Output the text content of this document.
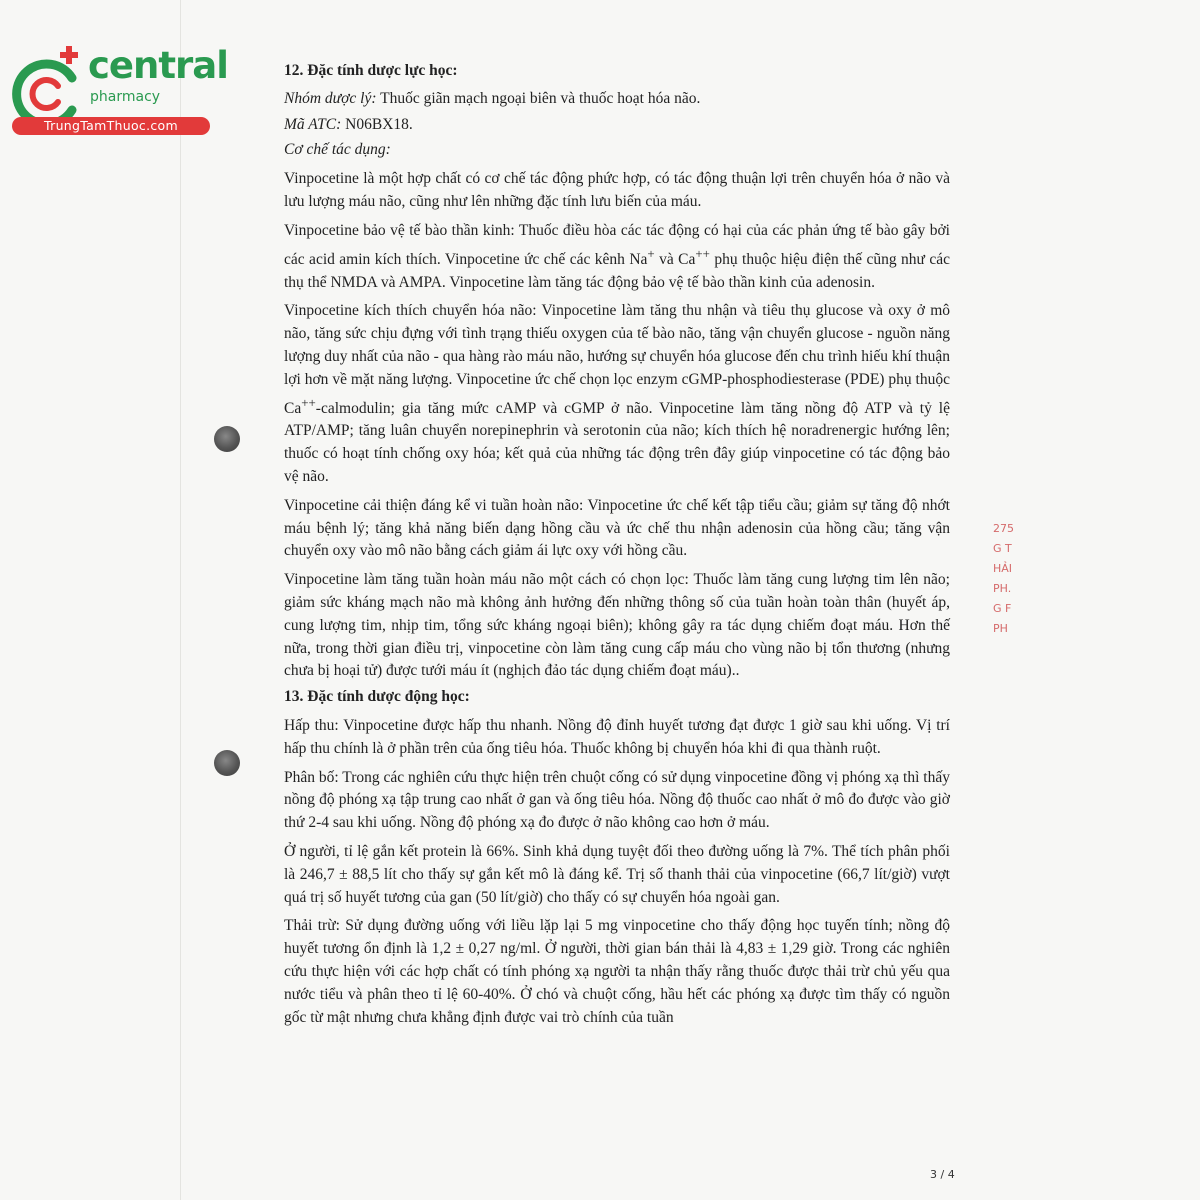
central
pharmacy
TrungTamThuoc.com

12. Đặc tính dược lực học:

Nhóm dược lý: Thuốc giãn mạch ngoại biên và thuốc hoạt hóa não.

Mã ATC: N06BX18.

Cơ chế tác dụng:

Vinpocetine là một hợp chất có cơ chế tác động phức hợp, có tác động thuận lợi trên chuyển hóa ở não và lưu lượng máu não, cũng như lên những đặc tính lưu biến của máu.

Vinpocetine bảo vệ tế bào thần kinh: Thuốc điều hòa các tác động có hại của các phản ứng tế bào gây bởi các acid amin kích thích. Vinpocetine ức chế các kênh Na+ và Ca++ phụ thuộc hiệu điện thế cũng như các thụ thể NMDA và AMPA. Vinpocetine làm tăng tác động bảo vệ tế bào thần kinh của adenosin.

Vinpocetine kích thích chuyển hóa não: Vinpocetine làm tăng thu nhận và tiêu thụ glucose và oxy ở mô não, tăng sức chịu đựng với tình trạng thiếu oxygen của tế bào não, tăng vận chuyển glucose - nguồn năng lượng duy nhất của não - qua hàng rào máu não, hướng sự chuyển hóa glucose đến chu trình hiếu khí thuận lợi hơn về mặt năng lượng. Vinpocetine ức chế chọn lọc enzym cGMP-phosphodiesterase (PDE) phụ thuộc Ca++-calmodulin; gia tăng mức cAMP và cGMP ở não. Vinpocetine làm tăng nồng độ ATP và tỷ lệ ATP/AMP; tăng luân chuyển norepinephrin và serotonin của não; kích thích hệ noradrenergic hướng lên; thuốc có hoạt tính chống oxy hóa; kết quả của những tác động trên đây giúp vinpocetine có tác động bảo vệ não.

Vinpocetine cải thiện đáng kể vi tuần hoàn não: Vinpocetine ức chế kết tập tiểu cầu; giảm sự tăng độ nhớt máu bệnh lý; tăng khả năng biến dạng hồng cầu và ức chế thu nhận adenosin của hồng cầu; tăng vận chuyển oxy vào mô não bằng cách giảm ái lực oxy với hồng cầu.

Vinpocetine làm tăng tuần hoàn máu não một cách có chọn lọc: Thuốc làm tăng cung lượng tim lên não; giảm sức kháng mạch não mà không ảnh hưởng đến những thông số của tuần hoàn toàn thân (huyết áp, cung lượng tim, nhịp tim, tổng sức kháng ngoại biên); không gây ra tác dụng chiếm đoạt máu. Hơn thế nữa, trong thời gian điều trị, vinpocetine còn làm tăng cung cấp máu cho vùng não bị tổn thương (nhưng chưa bị hoại tử) được tưới máu ít (nghịch đảo tác dụng chiếm đoạt máu)..

13. Đặc tính dược động học:

Hấp thu: Vinpocetine được hấp thu nhanh. Nồng độ đỉnh huyết tương đạt được 1 giờ sau khi uống. Vị trí hấp thu chính là ở phần trên của ống tiêu hóa. Thuốc không bị chuyển hóa khi đi qua thành ruột.

Phân bố: Trong các nghiên cứu thực hiện trên chuột cống có sử dụng vinpocetine đồng vị phóng xạ thì thấy nồng độ phóng xạ tập trung cao nhất ở gan và ống tiêu hóa. Nồng độ thuốc cao nhất ở mô đo được vào giờ thứ 2-4 sau khi uống. Nồng độ phóng xạ đo được ở não không cao hơn ở máu.

Ở người, tỉ lệ gắn kết protein là 66%. Sinh khả dụng tuyệt đối theo đường uống là 7%. Thể tích phân phối là 246,7 ± 88,5 lít cho thấy sự gắn kết mô là đáng kể. Trị số thanh thải của vinpocetine (66,7 lít/giờ) vượt quá trị số huyết tương của gan (50 lít/giờ) cho thấy có sự chuyển hóa ngoài gan.

Thải trừ: Sử dụng đường uống với liều lặp lại 5 mg vinpocetine cho thấy động học tuyến tính; nồng độ huyết tương ổn định là 1,2 ± 0,27 ng/ml. Ở người, thời gian bán thải là 4,83 ± 1,29 giờ. Trong các nghiên cứu thực hiện với các hợp chất có tính phóng xạ người ta nhận thấy rằng thuốc được thải trừ chủ yếu qua nước tiểu và phân theo tỉ lệ 60-40%. Ở chó và chuột cống, hầu hết các phóng xạ được tìm thấy có nguồn gốc từ mật nhưng chưa khẳng định được vai trò chính của tuần

275
G T
HẢI
PH.
G F
PH
3 / 4
